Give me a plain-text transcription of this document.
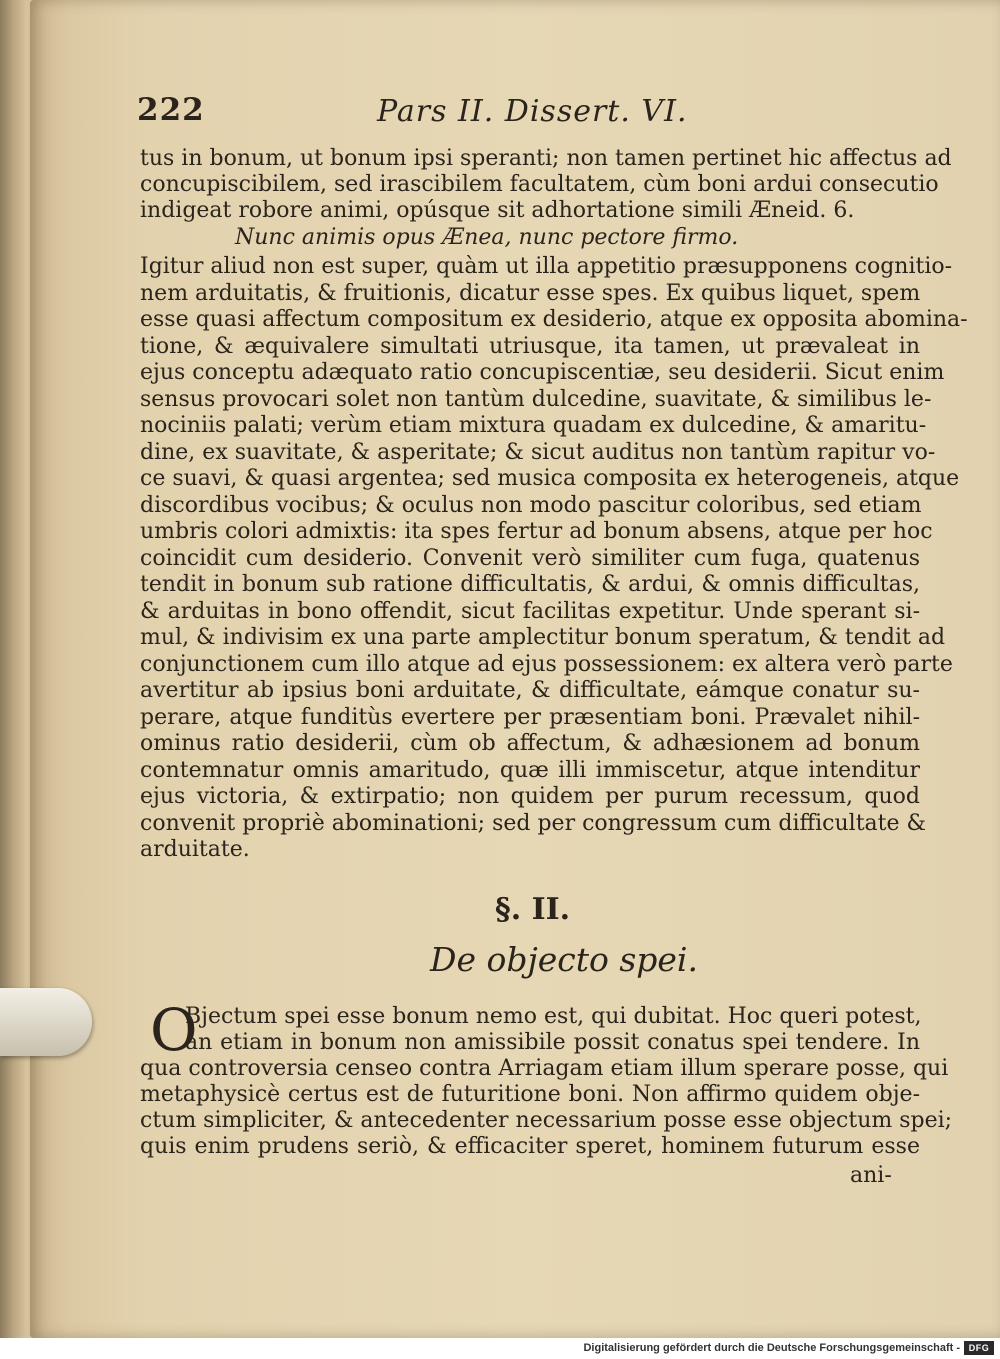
222	Pars II. Dissert. VI.
tus in bonum, ut bonum ipsi speranti; non tamen pertinet hic affectus ad
concupiscibilem, sed irascibilem facultatem, cùm boni ardui consecutio
indigeat robore animi, opúsque sit adhortatione simili Æneid. 6.
Nunc animis opus Ænea, nunc pectore firmo.
Igitur aliud non est super, quàm ut illa appetitio præsupponens cognitio-
nem arduitatis, & fruitionis, dicatur esse spes. Ex quibus liquet, spem
esse quasi affectum compositum ex desiderio, atque ex opposita abomina-
tione, & æquivalere simultati utriusque, ita tamen, ut prævaleat in
ejus conceptu adæquato ratio concupiscentiæ, seu desiderii. Sicut enim
sensus provocari solet non tantùm dulcedine, suavitate, & similibus le-
nociniis palati; verùm etiam mixtura quadam ex dulcedine, & amaritu-
dine, ex suavitate, & asperitate; & sicut auditus non tantùm rapitur vo-
ce suavi, & quasi argentea; sed musica composita ex heterogeneis, atque
discordibus vocibus; & oculus non modo pascitur coloribus, sed etiam
umbris colori admixtis: ita spes fertur ad bonum absens, atque per hoc
coincidit cum desiderio. Convenit verò similiter cum fuga, quatenus
tendit in bonum sub ratione difficultatis, & ardui, & omnis difficultas,
& arduitas in bono offendit, sicut facilitas expetitur. Unde sperant si-
mul, & indivisim ex una parte amplectitur bonum speratum, & tendit ad
conjunctionem cum illo atque ad ejus possessionem: ex altera verò parte
avertitur ab ipsius boni arduitate, & difficultate, eámque conatur su-
perare, atque funditùs evertere per præsentiam boni. Prævalet nihil-
ominus ratio desiderii, cùm ob affectum, & adhæsionem ad bonum
contemnatur omnis amaritudo, quæ illi immiscetur, atque intenditur
ejus victoria, & extirpatio; non quidem per purum recessum, quod
convenit propriè abominationi; sed per congressum cum difficultate &
arduitate.
§. II.
De objecto spei.
O
Bjectum spei esse bonum nemo est, qui dubitat. Hoc queri potest,
an etiam in bonum non amissibile possit conatus spei tendere. In
qua controversia censeo contra Arriagam etiam illum sperare posse, qui
metaphysicè certus est de futuritione boni. Non affirmo quidem obje-
ctum simpliciter, & antecedenter necessarium posse esse objectum spei;
quis enim prudens seriò, & efficaciter speret, hominem futurum esse
ani-
Digitalisierung gefördert durch die Deutsche Forschungsgemeinschaft - DFG
